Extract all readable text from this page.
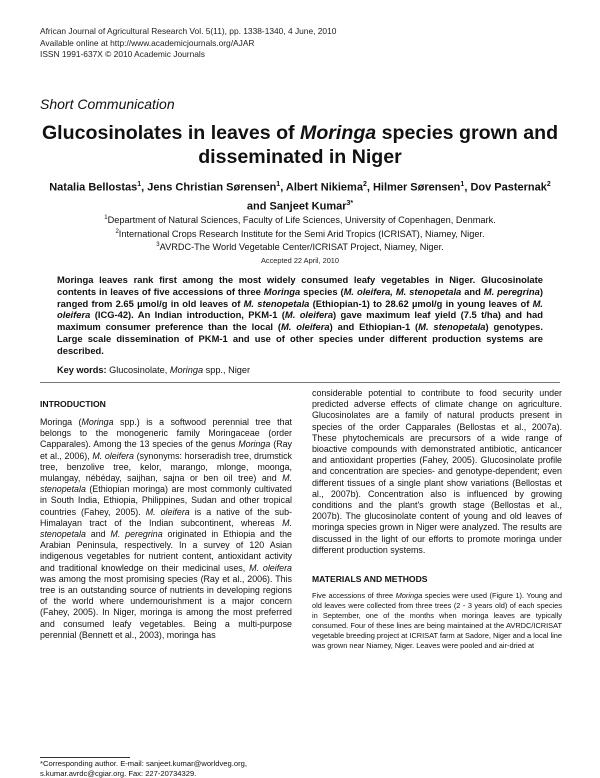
African Journal of Agricultural Research Vol. 5(11), pp. 1338-1340, 4 June, 2010
Available online at http://www.academicjournals.org/AJAR
ISSN 1991-637X © 2010 Academic Journals
Short Communication
Glucosinolates in leaves of Moringa species grown and disseminated in Niger
Natalia Bellostas$^1$, Jens Christian Sørensen$^1$, Albert Nikiema$^2$, Hilmer Sørensen$^1$, Dov Pasternak$^2$ and Sanjeet Kumar$^{3*}$
$^1$Department of Natural Sciences, Faculty of Life Sciences, University of Copenhagen, Denmark.
$^2$International Crops Research Institute for the Semi Arid Tropics (ICRISAT), Niamey, Niger.
$^3$AVRDC-The World Vegetable Center/ICRISAT Project, Niamey, Niger.
Accepted 22 April, 2010
Moringa leaves rank first among the most widely consumed leafy vegetables in Niger. Glucosinolate contents in leaves of five accessions of three Moringa species (M. oleifera, M. stenopetala and M. peregrina) ranged from 2.65 µmol/g in old leaves of M. stenopetala (Ethiopian-1) to 28.62 µmol/g in young leaves of M. oleifera (ICG-42). An Indian introduction, PKM-1 (M. oleifera) gave maximum leaf yield (7.5 t/ha) and had maximum consumer preference than the local (M. oleifera) and Ethiopian-1 (M. stenopetala) genotypes. Large scale dissemination of PKM-1 and use of other species under different production systems are described.
Key words: Glucosinolate, Moringa spp., Niger

INTRODUCTION

Moringa (Moringa spp.) is a softwood perennial tree that belongs to the monogeneric family Moringaceae (order Capparales). Among the 13 species of the genus Moringa (Ray et al., 2006), M. oleifera (synonyms: horseradish tree, drumstick tree, benzolive tree, kelor, marango, mlonge, moonga, mulangay, nébéday, saijhan, sajna or ben oil tree) and M. stenopetala (Ethiopian moringa) are most commonly cultivated in South India, Ethiopia, Philippines, Sudan and other tropical countries (Fahey, 2005). M. oleifera is a native of the sub-Himalayan tract of the Indian subcontinent, whereas M. stenopetala and M. peregrina originated in Ethiopia and the Arabian Peninsula, respectively. In a survey of 120 Asian indigenous vegetables for nutrient content, antioxidant activity and traditional knowledge on their medicinal uses, M. oleifera was among the most promising species (Ray et al., 2006). This tree is an outstanding source of nutrients in developing regions of the world where undernourishment is a major concern (Fahey, 2005). In Niger, moringa is among the most preferred and consumed leafy vegetables. Being a multi-purpose perennial (Bennett et al., 2003), moringa has

considerable potential to contribute to food security under predicted adverse effects of climate change on agriculture. Glucosinolates are a family of natural products present in species of the order Capparales (Bellostas et al., 2007a). These phytochemicals are precursors of a wide range of bioactive compounds with demonstrated antibiotic, anticancer and antioxidant properties (Fahey, 2005). Glucosinolate profile and concentration are species- and genotype-dependent; even different tissues of a single plant show variations (Bellostas et al., 2007b). Concentration also is influenced by growing conditions and the plant's growth stage (Bellostas et al., 2007b). The glucosinolate content of young and old leaves of moringa species grown in Niger were analyzed. The results are discussed in the light of our efforts to promote moringa under different production systems.

MATERIALS AND METHODS

Five accessions of three Moringa species were used (Figure 1). Young and old leaves were collected from three trees (2 - 3 years old) of each species in September, one of the months when moringa leaves are typically consumed. Four of these lines are being maintained at the AVRDC/ICRISAT vegetable breeding project at ICRISAT farm at Sadore, Niger and a local line was grown near Niamey, Niger. Leaves were pooled and air-dried at

*Corresponding author. E-mail: sanjeet.kumar@worldveg.org,
s.kumar.avrdc@cgiar.org. Fax: 227-20734329.
